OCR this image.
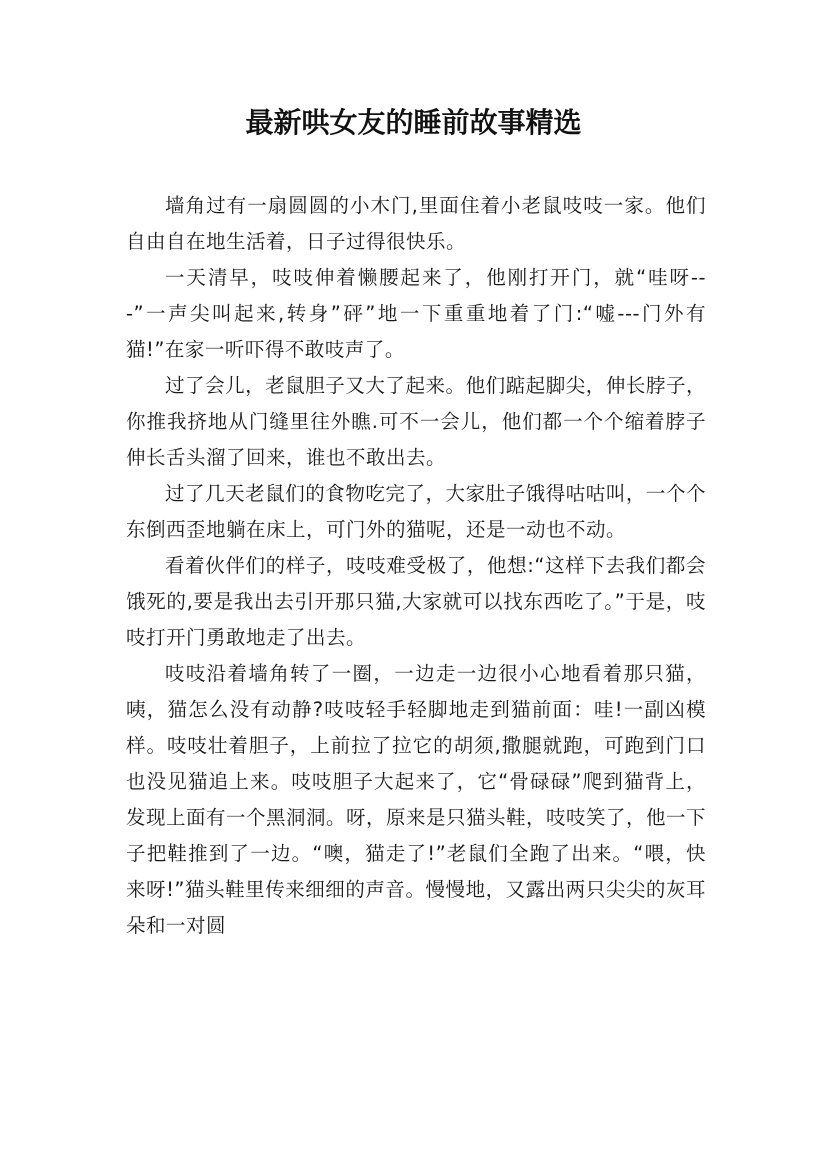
最新哄女友的睡前故事精选

墙角过有一扇圆圆的小木门,里面住着小老鼠吱吱一家。他们自由自在地生活着，日子过得很快乐。

一天清早，吱吱伸着懒腰起来了，他刚打开门，就“哇呀---”一声尖叫起来,转身”砰”地一下重重地着了门:“嘘---门外有猫!”在家一听吓得不敢吱声了。

过了会儿，老鼠胆子又大了起来。他们踮起脚尖，伸长脖子，你推我挤地从门缝里往外瞧.可不一会儿，他们都一个个缩着脖子伸长舌头溜了回来，谁也不敢出去。

过了几天老鼠们的食物吃完了，大家肚子饿得咕咕叫，一个个东倒西歪地躺在床上，可门外的猫呢，还是一动也不动。

看着伙伴们的样子，吱吱难受极了，他想:“这样下去我们都会饿死的,要是我出去引开那只猫,大家就可以找东西吃了。”于是，吱吱打开门勇敢地走了出去。

吱吱沿着墙角转了一圈，一边走一边很小心地看着那只猫，咦，猫怎么没有动静?吱吱轻手轻脚地走到猫前面：哇!一副凶模样。吱吱壮着胆子，上前拉了拉它的胡须,撒腿就跑，可跑到门口也没见猫追上来。吱吱胆子大起来了，它“骨碌碌”爬到猫背上，发现上面有一个黑洞洞。呀，原来是只猫头鞋，吱吱笑了，他一下子把鞋推到了一边。“噢，猫走了!”老鼠们全跑了出来。“喂，快来呀!”猫头鞋里传来细细的声音。慢慢地，又露出两只尖尖的灰耳朵和一对圆
